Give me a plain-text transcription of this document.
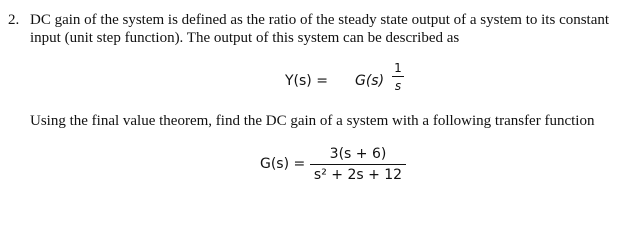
2. DC gain of the system is defined as the ratio of the steady state output of a system to its constant
input (unit step function). The output of this system can be described as
Y(s) = G(s)
1
s
Using the final value theorem, find the DC gain of a system with a following transfer function
G(s) =
3(s + 6)
s² + 2s + 12
